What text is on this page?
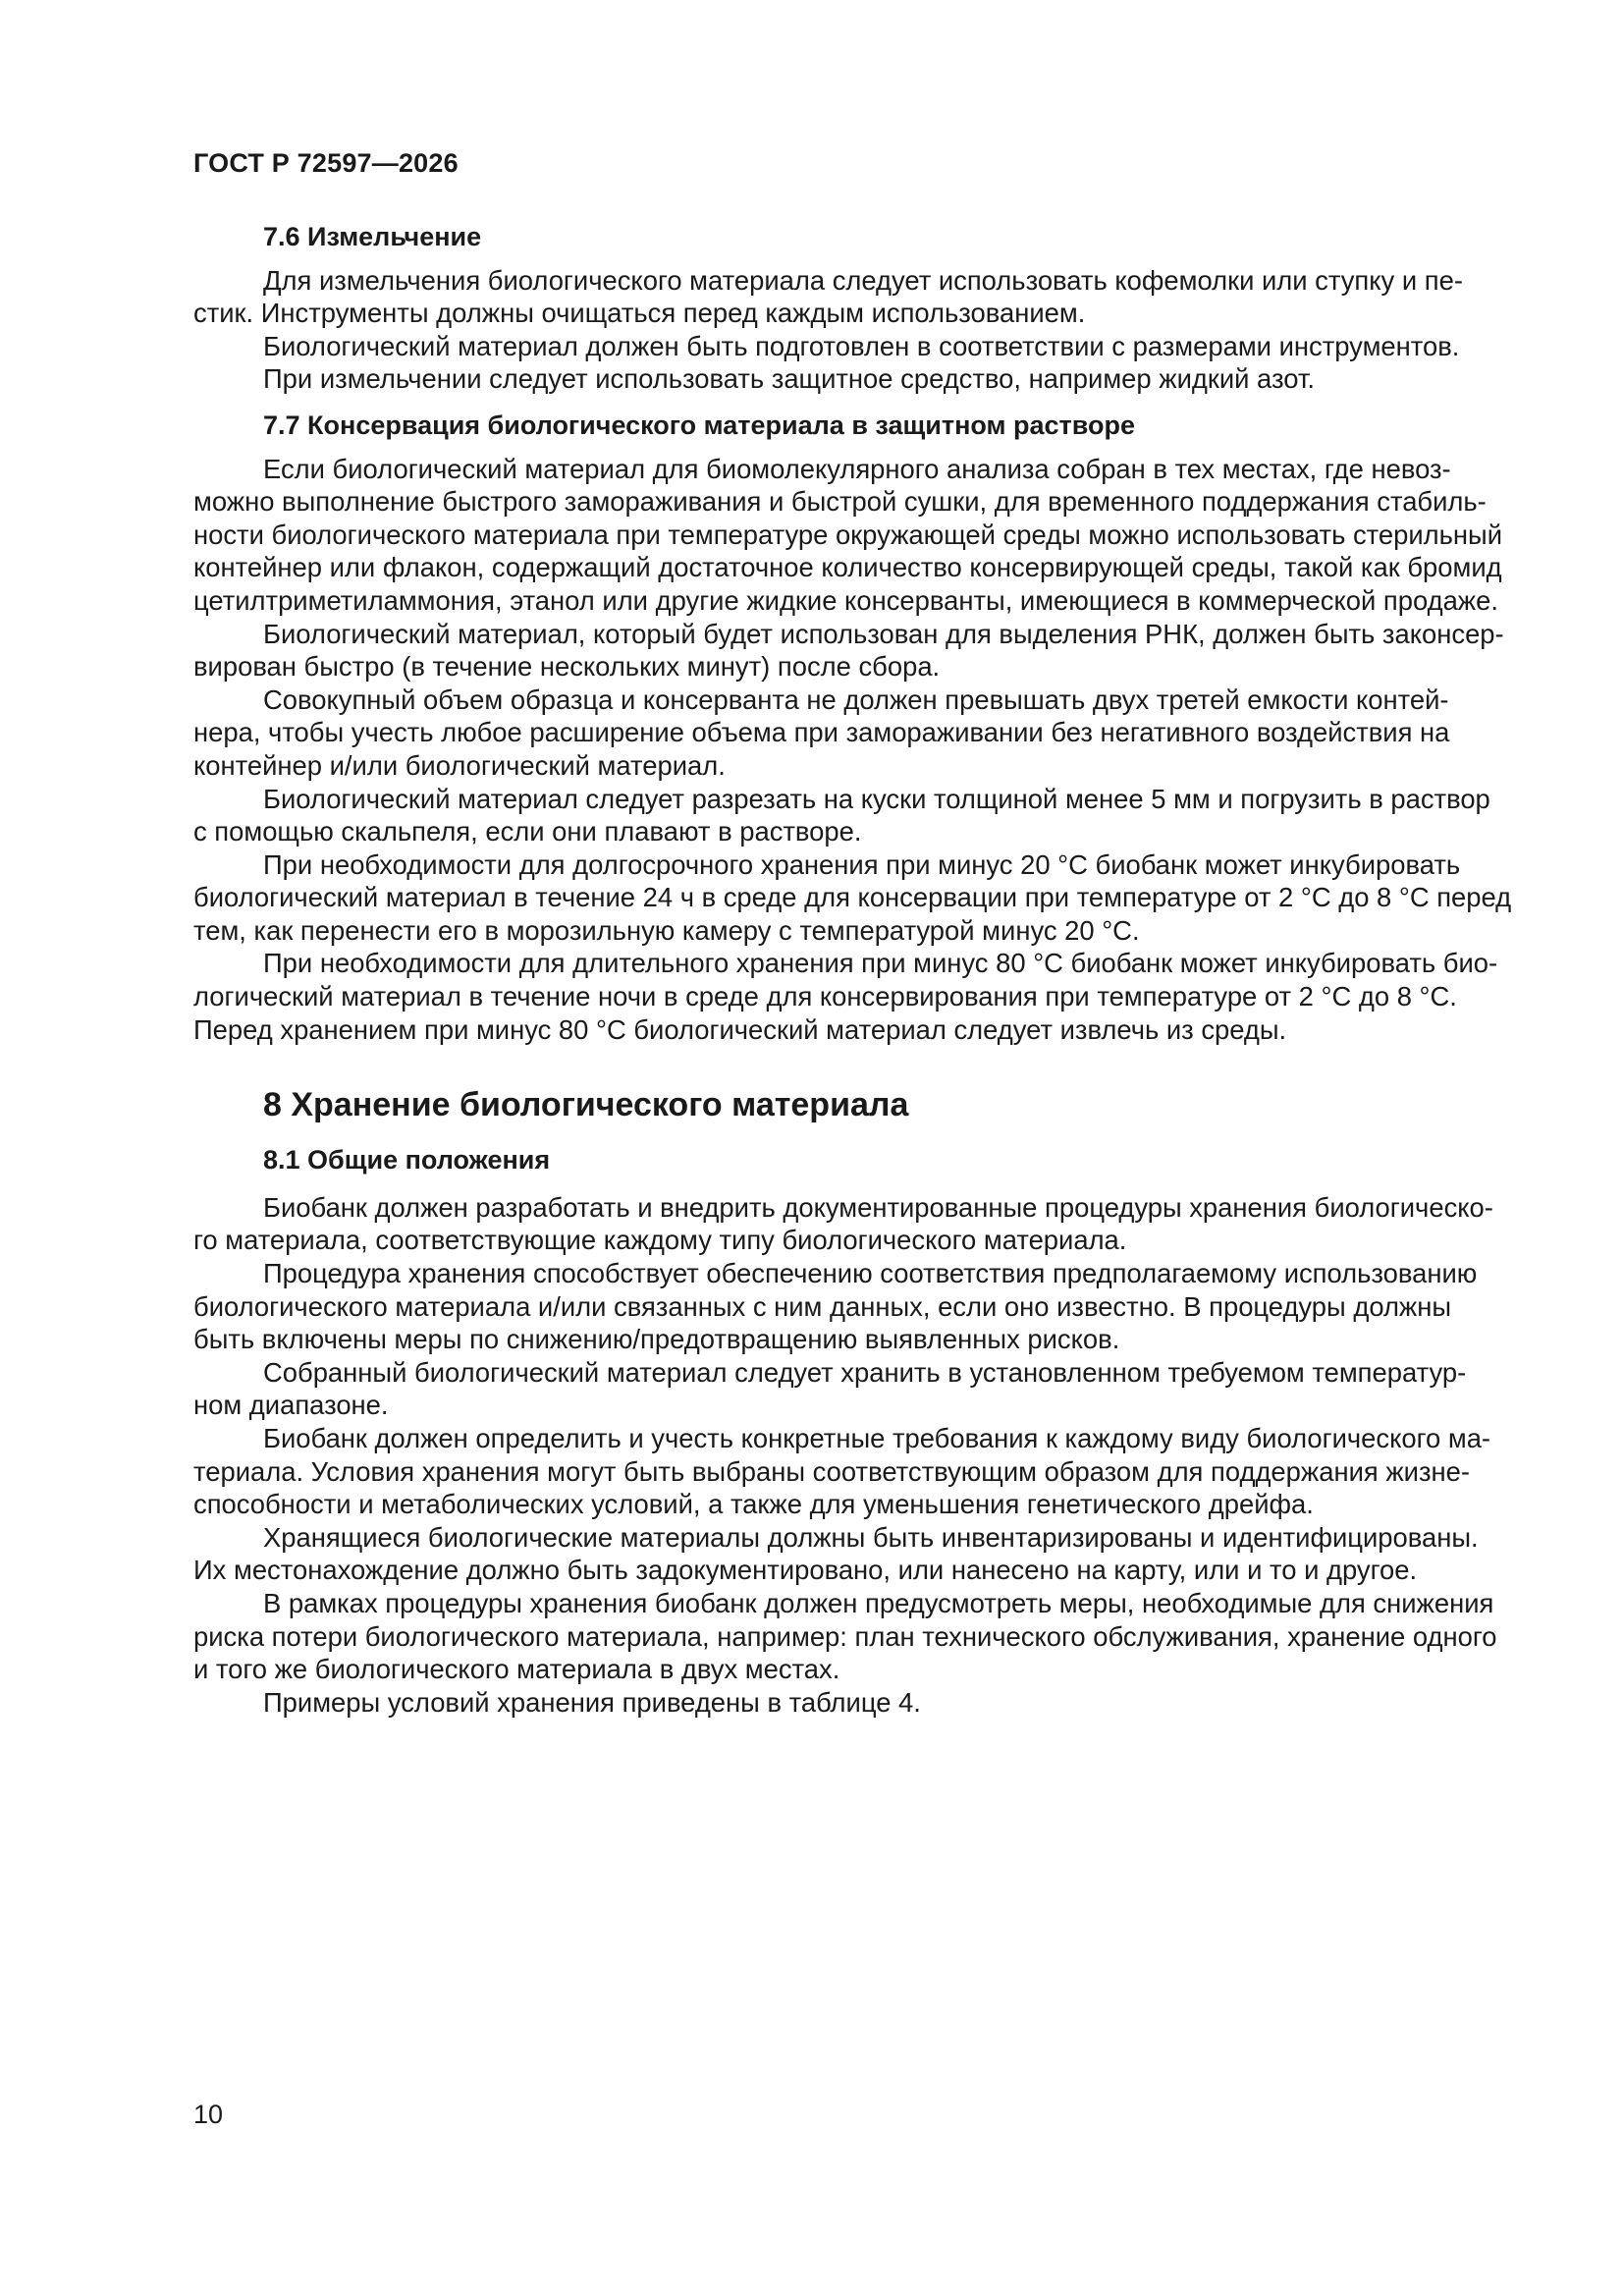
ГОСТ Р 72597—2026
7.6 Измельчение

Для измельчения биологического материала следует использовать кофемолки или ступку и пе-
стик. Инструменты должны очищаться перед каждым использованием.

Биологический материал должен быть подготовлен в соответствии с размерами инструментов.

При измельчении следует использовать защитное средство, например жидкий азот.

7.7 Консервация биологического материала в защитном растворе

Если биологический материал для биомолекулярного анализа собран в тех местах, где невоз-
можно выполнение быстрого замораживания и быстрой сушки, для временного поддержания стабиль-
ности биологического материала при температуре окружающей среды можно использовать стерильный
контейнер или флакон, содержащий достаточное количество консервирующей среды, такой как бромид
цетилтриметиламмония, этанол или другие жидкие консерванты, имеющиеся в коммерческой продаже.

Биологический материал, который будет использован для выделения РНК, должен быть законсер-
вирован быстро (в течение нескольких минут) после сбора.

Совокупный объем образца и консерванта не должен превышать двух третей емкости контей-
нера, чтобы учесть любое расширение объема при замораживании без негативного воздействия на
контейнер и/или биологический материал.

Биологический материал следует разрезать на куски толщиной менее 5 мм и погрузить в раствор
с помощью скальпеля, если они плавают в растворе.

При необходимости для долгосрочного хранения при минус 20 °С биобанк может инкубировать
биологический материал в течение 24 ч в среде для консервации при температуре от 2 °С до 8 °С перед
тем, как перенести его в морозильную камеру с температурой минус 20 °С.

При необходимости для длительного хранения при минус 80 °С биобанк может инкубировать био-
логический материал в течение ночи в среде для консервирования при температуре от 2 °С до 8 °С.
Перед хранением при минус 80 °С биологический материал следует извлечь из среды.

8 Хранение биологического материала
8.1 Общие положения

Биобанк должен разработать и внедрить документированные процедуры хранения биологическо-
го материала, соответствующие каждому типу биологического материала.

Процедура хранения способствует обеспечению соответствия предполагаемому использованию
биологического материала и/или связанных с ним данных, если оно известно. В процедуры должны
быть включены меры по снижению/предотвращению выявленных рисков.

Собранный биологический материал следует хранить в установленном требуемом температур-
ном диапазоне.

Биобанк должен определить и учесть конкретные требования к каждому виду биологического ма-
териала. Условия хранения могут быть выбраны соответствующим образом для поддержания жизне-
способности и метаболических условий, а также для уменьшения генетического дрейфа.

Хранящиеся биологические материалы должны быть инвентаризированы и идентифицированы.
Их местонахождение должно быть задокументировано, или нанесено на карту, или и то и другое.

В рамках процедуры хранения биобанк должен предусмотреть меры, необходимые для снижения
риска потери биологического материала, например: план технического обслуживания, хранение одного
и того же биологического материала в двух местах.

Примеры условий хранения приведены в таблице 4.

10
